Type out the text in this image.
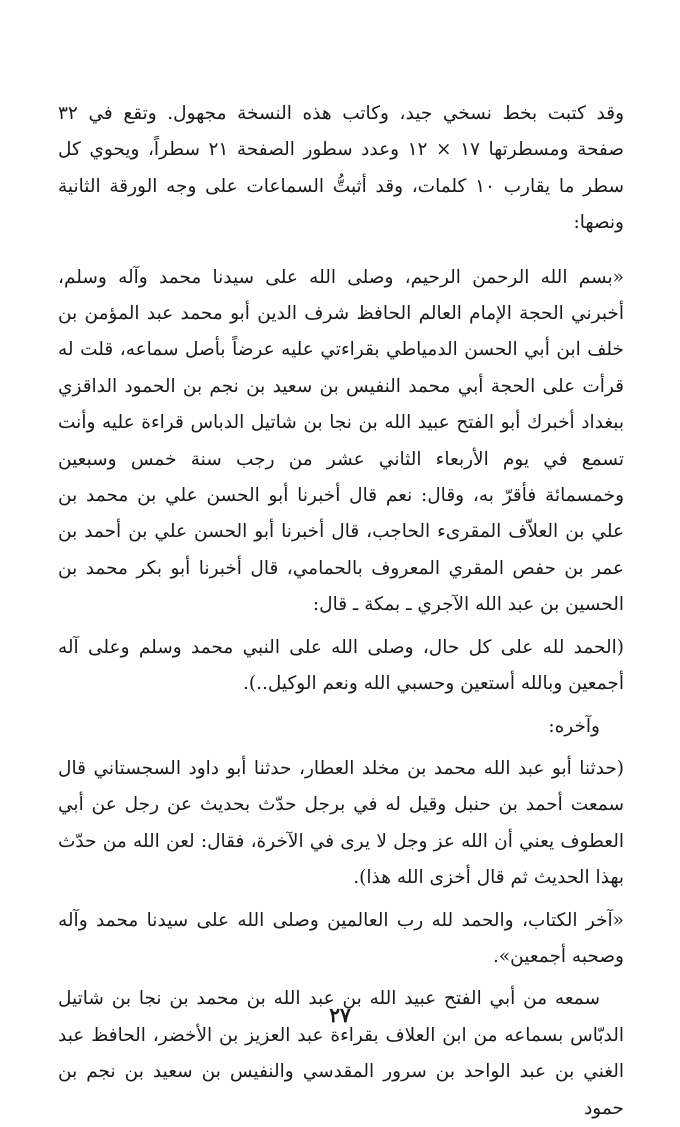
وقد كتبت بخط نسخي جيد، وكاتب هذه النسخة مجهول. وتقع في ٣٢ صفحة ومسطرتها ١٧ × ١٢ وعدد سطور الصفحة ٢١ سطراً، ويحوي كل سطر ما يقارب ١٠ كلمات، وقد أثبتُّ السماعات على وجه الورقة الثانية ونصها:

«بسم الله الرحمن الرحيم، وصلى الله على سيدنا محمد وآله وسلم، أخبرني الحجة الإمام العالم الحافظ شرف الدين أبو محمد عبد المؤمن بن خلف ابن أبي الحسن الدمياطي بقراءتي عليه عرضاً بأصل سماعه، قلت له قرأت على الحجة أبي محمد النفيس بن سعيد بن نجم بن الحمود الداقزي ببغداد أخبرك أبو الفتح عبيد الله بن نجا بن شاتيل الدباس قراءة عليه وأنت تسمع في يوم الأربعاء الثاني عشر من رجب سنة خمس وسبعين وخمسمائة فأقرّ به، وقال: نعم قال أخبرنا أبو الحسن علي بن محمد بن علي بن العلاّف المقرىء الحاجب، قال أخبرنا أبو الحسن علي بن أحمد بن عمر بن حفص المقري المعروف بالحمامي، قال أخبرنا أبو بكر محمد بن الحسين بن عبد الله الآجري ـ بمكة ـ قال:

(الحمد لله على كل حال، وصلى الله على النبي محمد وسلم وعلى آله أجمعين وبالله أستعين وحسبي الله ونعم الوكيل..).

وآخره:

(حدثنا أبو عبد الله محمد بن مخلد العطار، حدثنا أبو داود السجستاني قال سمعت أحمد بن حنبل وقيل له في برجل حدّث بحديث عن رجل عن أبي العطوف يعني أن الله عز وجل لا يرى في الآخرة، فقال: لعن الله من حدّث بهذا الحديث ثم قال أخزى الله هذا).

«آخر الكتاب، والحمد لله رب العالمين وصلى الله على سيدنا محمد وآله وصحبه أجمعين».

سمعه من أبي الفتح عبيد الله بن عبد الله بن محمد بن نجا بن شاتيل الدبّاس بسماعه من ابن العلاف بقراءة عبد العزيز بن الأخضر، الحافظ عبد الغني بن عبد الواحد بن سرور المقدسي والنفيس بن سعيد بن نجم بن حمود

٢٧
